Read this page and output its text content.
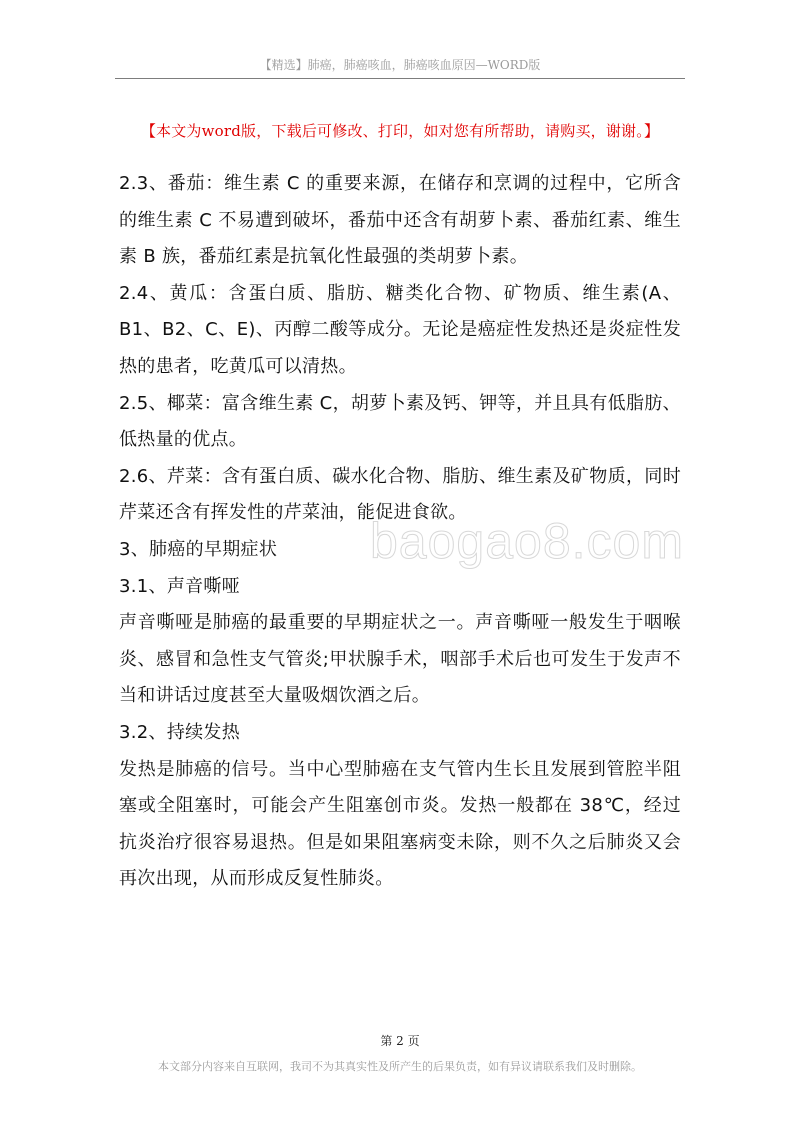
【精选】肺癌，肺癌咳血，肺癌咳血原因—WORD版
【本文为word版，下载后可修改、打印，如对您有所帮助，请购买，谢谢。】
baogao8.com

2.3、番茄：维生素 C 的重要来源，在储存和烹调的过程中，它所含的维生素 C 不易遭到破坏，番茄中还含有胡萝卜素、番茄红素、维生素 B 族，番茄红素是抗氧化性最强的类胡萝卜素。

2.4、黄瓜：含蛋白质、脂肪、糖类化合物、矿物质、维生素(A、B1、B2、C、E)、丙醇二酸等成分。无论是癌症性发热还是炎症性发热的患者，吃黄瓜可以清热。

2.5、椰菜：富含维生素 C，胡萝卜素及钙、钾等，并且具有低脂肪、低热量的优点。

2.6、芹菜：含有蛋白质、碳水化合物、脂肪、维生素及矿物质，同时芹菜还含有挥发性的芹菜油，能促进食欲。

3、肺癌的早期症状

3.1、声音嘶哑

声音嘶哑是肺癌的最重要的早期症状之一。声音嘶哑一般发生于咽喉炎、感冒和急性支气管炎;甲状腺手术，咽部手术后也可发生于发声不当和讲话过度甚至大量吸烟饮酒之后。

3.2、持续发热

发热是肺癌的信号。当中心型肺癌在支气管内生长且发展到管腔半阻塞或全阻塞时，可能会产生阻塞创市炎。发热一般都在 38℃，经过抗炎治疗很容易退热。但是如果阻塞病变未除，则不久之后肺炎又会再次出现，从而形成反复性肺炎。

第 2 页
本文部分内容来自互联网，我司不为其真实性及所产生的后果负责，如有异议请联系我们及时删除。
